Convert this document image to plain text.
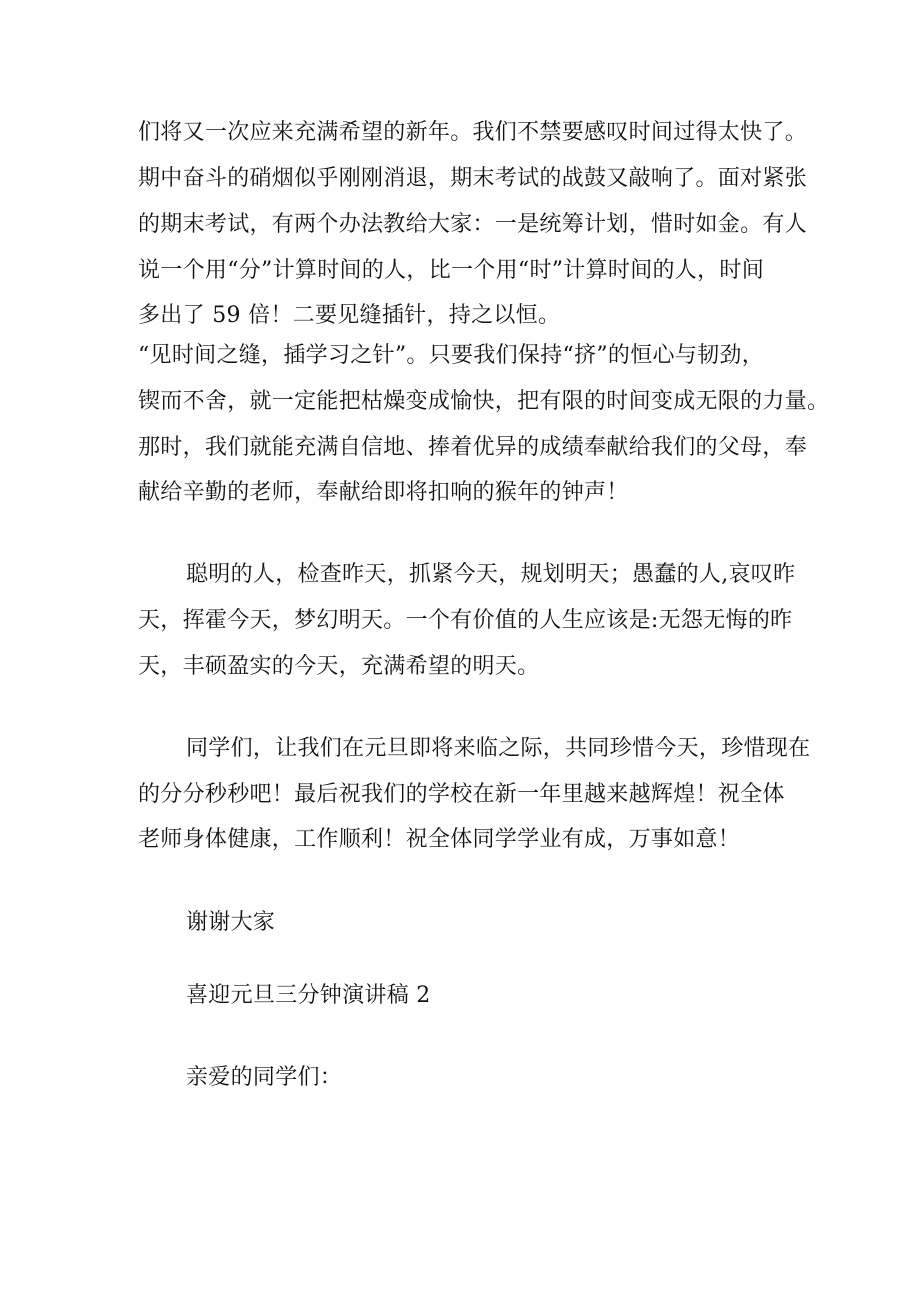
们将又一次应来充满希望的新年。我们不禁要感叹时间过得太快了。
期中奋斗的硝烟似乎刚刚消退，期末考试的战鼓又敲响了。面对紧张
的期末考试，有两个办法教给大家：一是统筹计划，惜时如金。有人
说一个用“分”计算时间的人，比一个用“时”计算时间的人，时间
多出了 59 倍！二要见缝插针，持之以恒。
“见时间之缝，插学习之针”。只要我们保持“挤”的恒心与韧劲，
锲而不舍，就一定能把枯燥变成愉快，把有限的时间变成无限的力量。
那时，我们就能充满自信地、捧着优异的成绩奉献给我们的父母，奉
献给辛勤的老师，奉献给即将扣响的猴年的钟声！
聪明的人，检查昨天，抓紧今天，规划明天；愚蠢的人,哀叹昨
天，挥霍今天，梦幻明天。一个有价值的人生应该是:无怨无悔的昨
天，丰硕盈实的今天，充满希望的明天。
同学们，让我们在元旦即将来临之际，共同珍惜今天，珍惜现在
的分分秒秒吧！最后祝我们的学校在新一年里越来越辉煌！祝全体
老师身体健康，工作顺利！祝全体同学学业有成，万事如意！
谢谢大家
喜迎元旦三分钟演讲稿 2
亲爱的同学们：
